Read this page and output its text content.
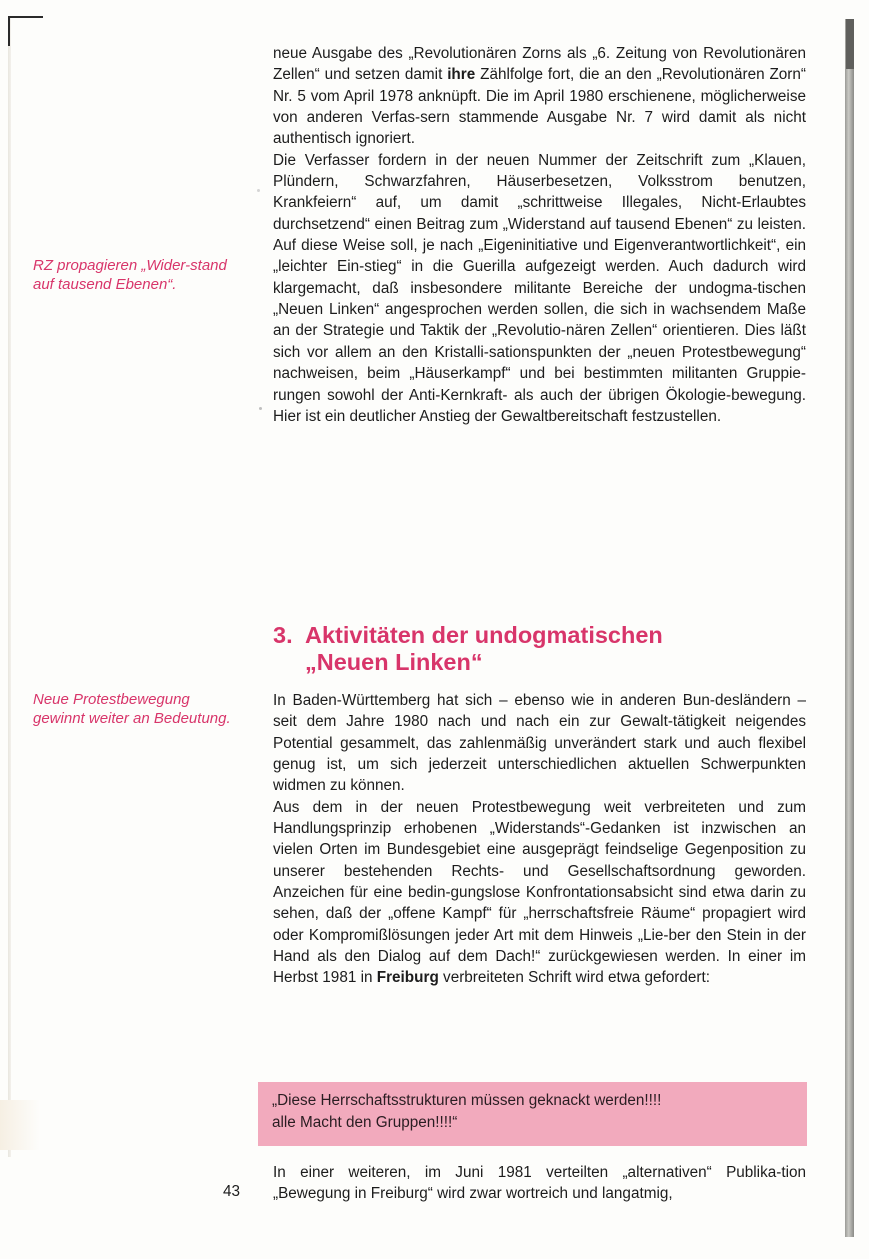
RZ propagieren „Wider-stand auf tausend Ebenen“.
Neue Protestbewegung gewinnt weiter an Bedeutung.

neue Ausgabe des „Revolutionären Zorns als „6. Zeitung von Revolutionären Zellen“ und setzen damit ihre Zählfolge fort, die an den „Revolutionären Zorn“ Nr. 5 vom April 1978 anknüpft. Die im April 1980 erschienene, möglicherweise von anderen Verfas-sern stammende Ausgabe Nr. 7 wird damit als nicht authentisch ignoriert.

Die Verfasser fordern in der neuen Nummer der Zeitschrift zum „Klauen, Plündern, Schwarzfahren, Häuserbesetzen, Volksstrom benutzen, Krankfeiern“ auf, um damit „schrittweise Illegales, Nicht-Erlaubtes durchsetzend“ einen Beitrag zum „Widerstand auf tausend Ebenen“ zu leisten. Auf diese Weise soll, je nach „Eigeninitiative und Eigenverantwortlichkeit“, ein „leichter Ein-stieg“ in die Guerilla aufgezeigt werden. Auch dadurch wird klargemacht, daß insbesondere militante Bereiche der undogma-tischen „Neuen Linken“ angesprochen werden sollen, die sich in wachsendem Maße an der Strategie und Taktik der „Revolutio-nären Zellen“ orientieren. Dies läßt sich vor allem an den Kristalli-sationspunkten der „neuen Protestbewegung“ nachweisen, beim „Häuserkampf“ und bei bestimmten militanten Gruppie-rungen sowohl der Anti-Kernkraft- als auch der übrigen Ökologie-bewegung. Hier ist ein deutlicher Anstieg der Gewaltbereitschaft festzustellen.

3. Aktivitäten der undogmatischen
„Neuen Linken“

In Baden-Württemberg hat sich – ebenso wie in anderen Bun-desländern – seit dem Jahre 1980 nach und nach ein zur Gewalt-tätigkeit neigendes Potential gesammelt, das zahlenmäßig unverändert stark und auch flexibel genug ist, um sich jederzeit unterschiedlichen aktuellen Schwerpunkten widmen zu können.

Aus dem in der neuen Protestbewegung weit verbreiteten und zum Handlungsprinzip erhobenen „Widerstands“-Gedanken ist inzwischen an vielen Orten im Bundesgebiet eine ausgeprägt feindselige Gegenposition zu unserer bestehenden Rechts- und Gesellschaftsordnung geworden. Anzeichen für eine bedin-gungslose Konfrontationsabsicht sind etwa darin zu sehen, daß der „offene Kampf“ für „herrschaftsfreie Räume“ propagiert wird oder Kompromißlösungen jeder Art mit dem Hinweis „Lie-ber den Stein in der Hand als den Dialog auf dem Dach!“ zurückgewiesen werden. In einer im Herbst 1981 in Freiburg verbreiteten Schrift wird etwa gefordert:

„Diese Herrschaftsstrukturen müssen geknackt werden!!!!
alle Macht den Gruppen!!!!“
In einer weiteren, im Juni 1981 verteilten „alternativen“ Publika-tion „Bewegung in Freiburg“ wird zwar wortreich und langatmig,
43
